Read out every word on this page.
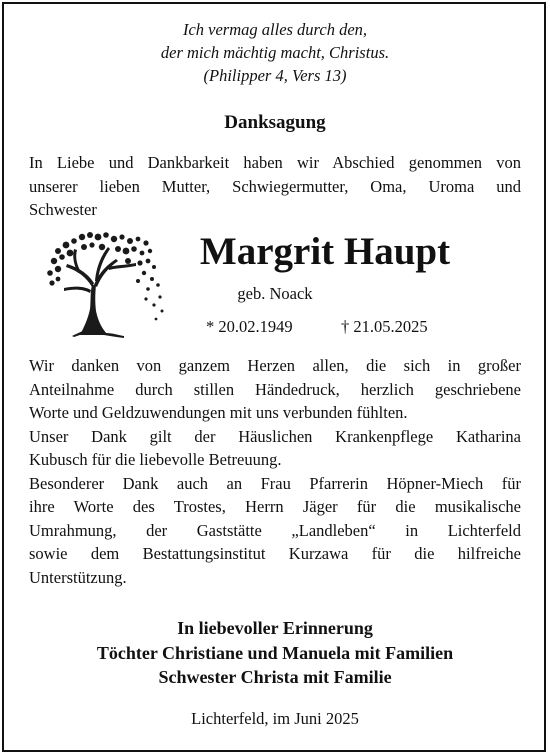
Ich vermag alles durch den,
der mich mächtig macht, Christus.
(Philipper 4, Vers 13)
Danksagung
In Liebe und Dankbarkeit haben wir Abschied genommen von
unserer lieben Mutter, Schwiegermutter, Oma, Uroma und
Schwester
Margrit Haupt
geb. Noack
* 20.02.1949	† 21.05.2025
Wir danken von ganzem Herzen allen, die sich in großer
Anteilnahme durch stillen Händedruck, herzlich geschriebene
Worte und Geldzuwendungen mit uns verbunden fühlten.
Unser Dank gilt der Häuslichen Krankenpflege Katharina
Kubusch für die liebevolle Betreuung.
Besonderer Dank auch an Frau Pfarrerin Höpner-Miech für
ihre Worte des Trostes, Herrn Jäger für die musikalische
Umrahmung, der Gaststätte „Landleben“ in Lichterfeld
sowie dem Bestattungsinstitut Kurzawa für die hilfreiche
Unterstützung.
In liebevoller Erinnerung
Töchter Christiane und Manuela mit Familien
Schwester Christa mit Familie
Lichterfeld, im Juni 2025
